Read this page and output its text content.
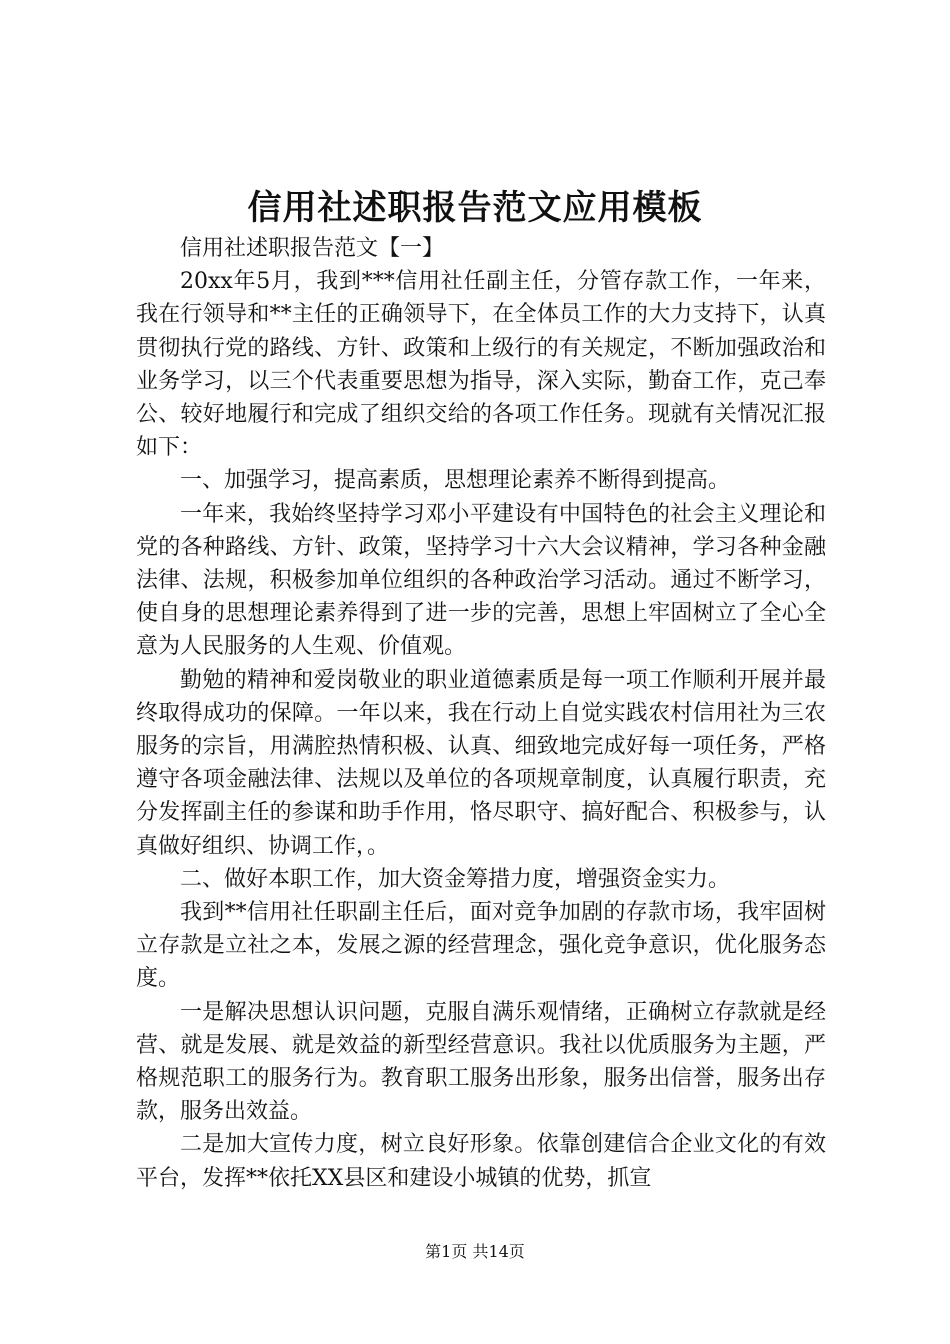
信用社述职报告范文应用模板

信用社述职报告范文【一】

20xx年5月，我到***信用社任副主任，分管存款工作，一年来，我在行领导和**主任的正确领导下，在全体员工作的大力支持下，认真贯彻执行党的路线、方针、政策和上级行的有关规定，不断加强政治和业务学习，以三个代表重要思想为指导，深入实际，勤奋工作，克己奉公、较好地履行和完成了组织交给的各项工作任务。现就有关情况汇报如下：

一、加强学习，提高素质，思想理论素养不断得到提高。

一年来，我始终坚持学习邓小平建设有中国特色的社会主义理论和党的各种路线、方针、政策，坚持学习十六大会议精神，学习各种金融法律、法规，积极参加单位组织的各种政治学习活动。通过不断学习，使自身的思想理论素养得到了进一步的完善，思想上牢固树立了全心全意为人民服务的人生观、价值观。

勤勉的精神和爱岗敬业的职业道德素质是每一项工作顺利开展并最终取得成功的保障。一年以来，我在行动上自觉实践农村信用社为三农服务的宗旨，用满腔热情积极、认真、细致地完成好每一项任务，严格遵守各项金融法律、法规以及单位的各项规章制度，认真履行职责，充分发挥副主任的参谋和助手作用，恪尽职守、搞好配合、积极参与，认真做好组织、协调工作，。

二、做好本职工作，加大资金筹措力度，增强资金实力。

我到**信用社任职副主任后，面对竞争加剧的存款市场，我牢固树立存款是立社之本，发展之源的经营理念，强化竞争意识，优化服务态度。

一是解决思想认识问题，克服自满乐观情绪，正确树立存款就是经营、就是发展、就是效益的新型经营意识。我社以优质服务为主题，严格规范职工的服务行为。教育职工服务出形象，服务出信誉，服务出存款，服务出效益。

二是加大宣传力度，树立良好形象。依靠创建信合企业文化的有效平台，发挥**依托XX县区和建设小城镇的优势，抓宣

第1页 共14页
